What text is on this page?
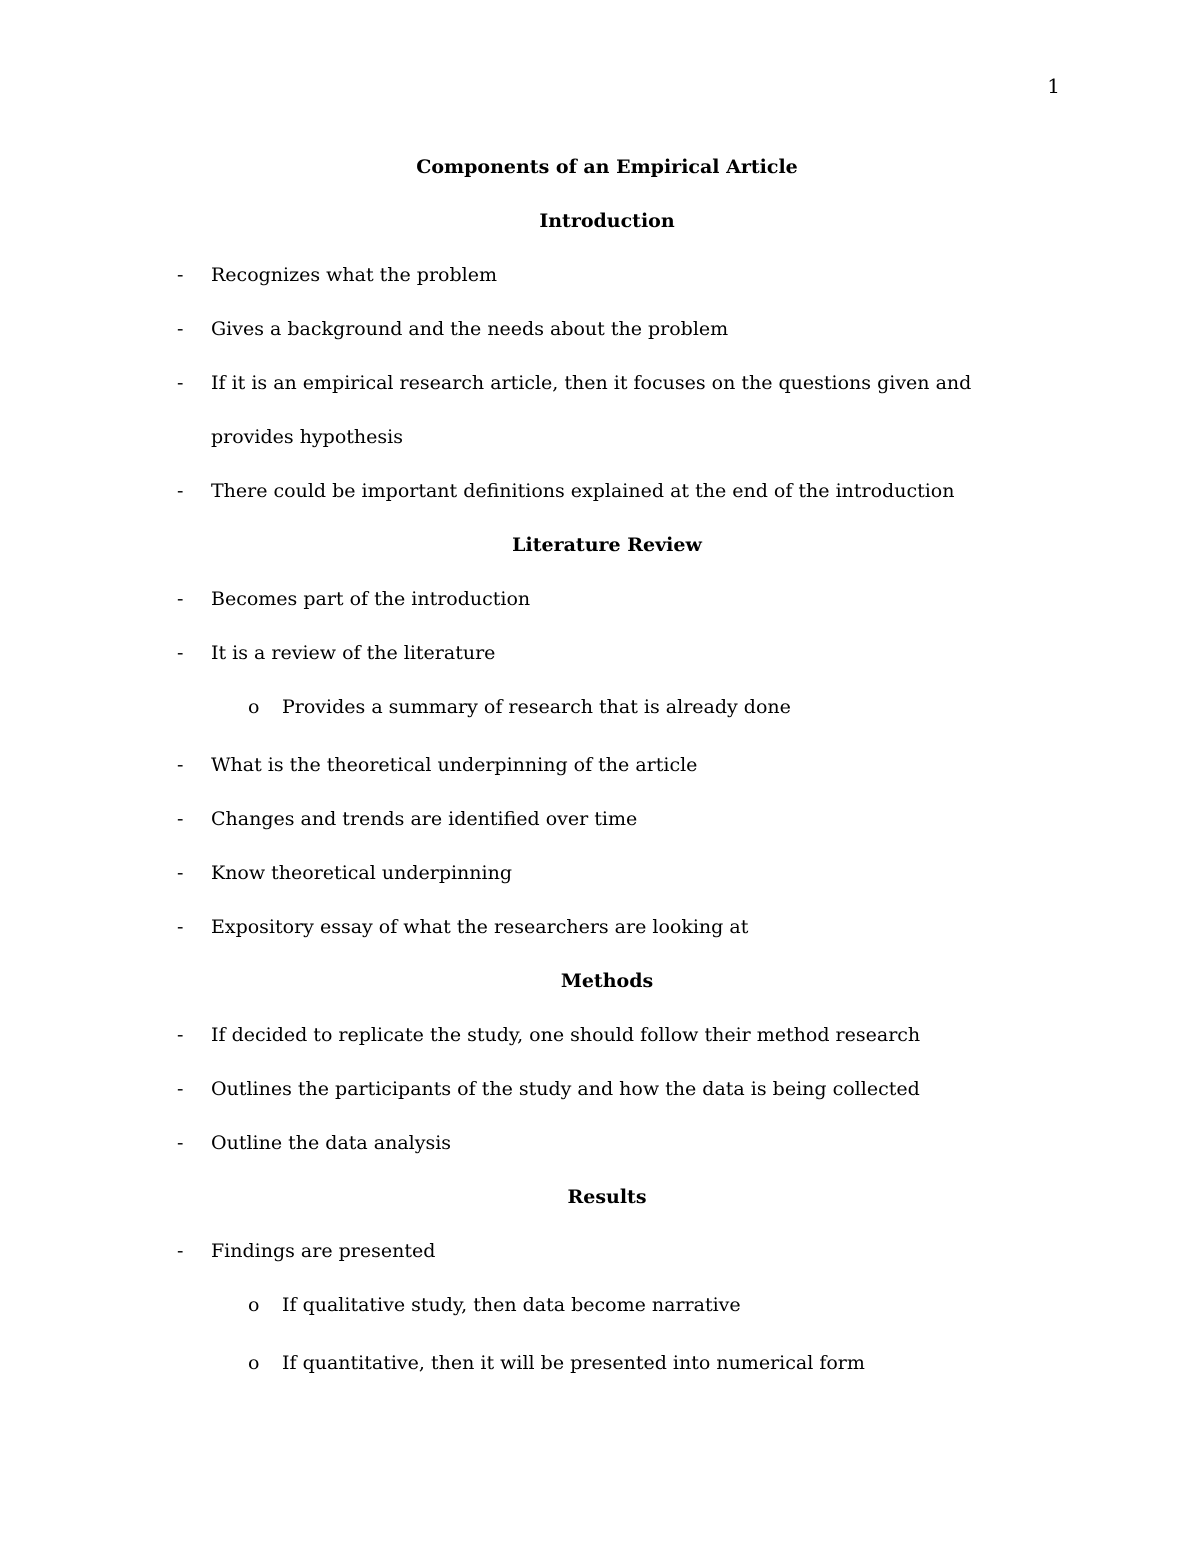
1
Components of an Empirical Article
Introduction
- Recognizes what the problem
- Gives a background and the needs about the problem
- If it is an empirical research article, then it focuses on the questions given and provides hypothesis
- There could be important definitions explained at the end of the introduction
Literature Review
- Becomes part of the introduction
- It is a review of the literature
o Provides a summary of research that is already done
- What is the theoretical underpinning of the article
- Changes and trends are identified over time
- Know theoretical underpinning
- Expository essay of what the researchers are looking at
Methods
- If decided to replicate the study, one should follow their method research
- Outlines the participants of the study and how the data is being collected
- Outline the data analysis
Results
- Findings are presented
o If qualitative study, then data become narrative
o If quantitative, then it will be presented into numerical form
